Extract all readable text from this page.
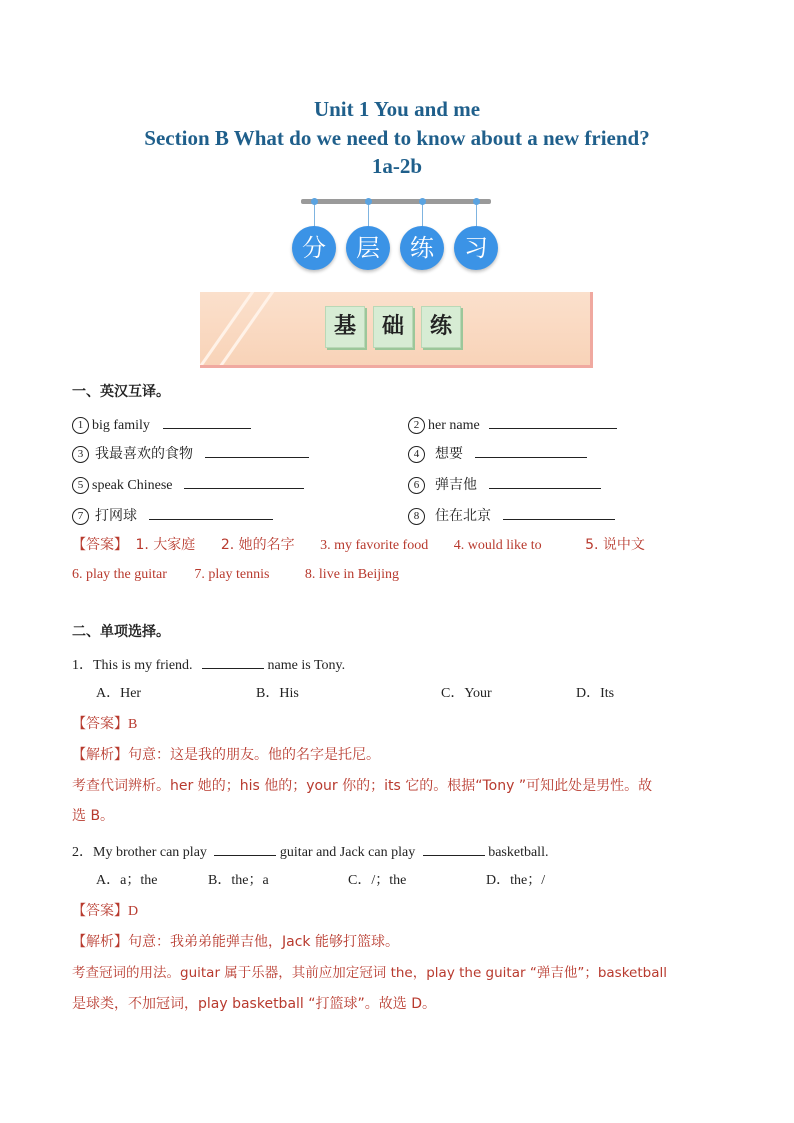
Unit 1 You and me
Section B What do we need to know about a new friend?
1a-2b
分	层	练	习
基	础	练
一、英汉互译。
1 big family	2 her name
3 我最喜欢的食物	4 想要
5 speak Chinese	6 弹吉他
7 打网球	8 住在北京
【答案】 1. 大家庭 2. 她的名字 3. my favorite food 4. would like to	5. 说中文
6. play the guitar 7. play tennis	8. live in Beijing
二、单项选择。
1．This is my friend.	name is Tony.
A．Her	B．His	C．Your	D．Its
【答案】B
【解析】句意：这是我的朋友。他的名字是托尼。
考查代词辨析。her 她的；his 他的；your 你的；its 它的。根据“Tony ”可知此处是男性。故
选 B。
2．My brother can play	guitar and Jack can play	basketball.
A．a；the	B．the；a	C．/；the	D．the；/
【答案】D
【解析】句意：我弟弟能弹吉他，Jack 能够打篮球。
考查冠词的用法。guitar 属于乐器，其前应加定冠词 the，play the guitar “弹吉他”；basketball
是球类，不加冠词，play basketball “打篮球”。故选 D。
